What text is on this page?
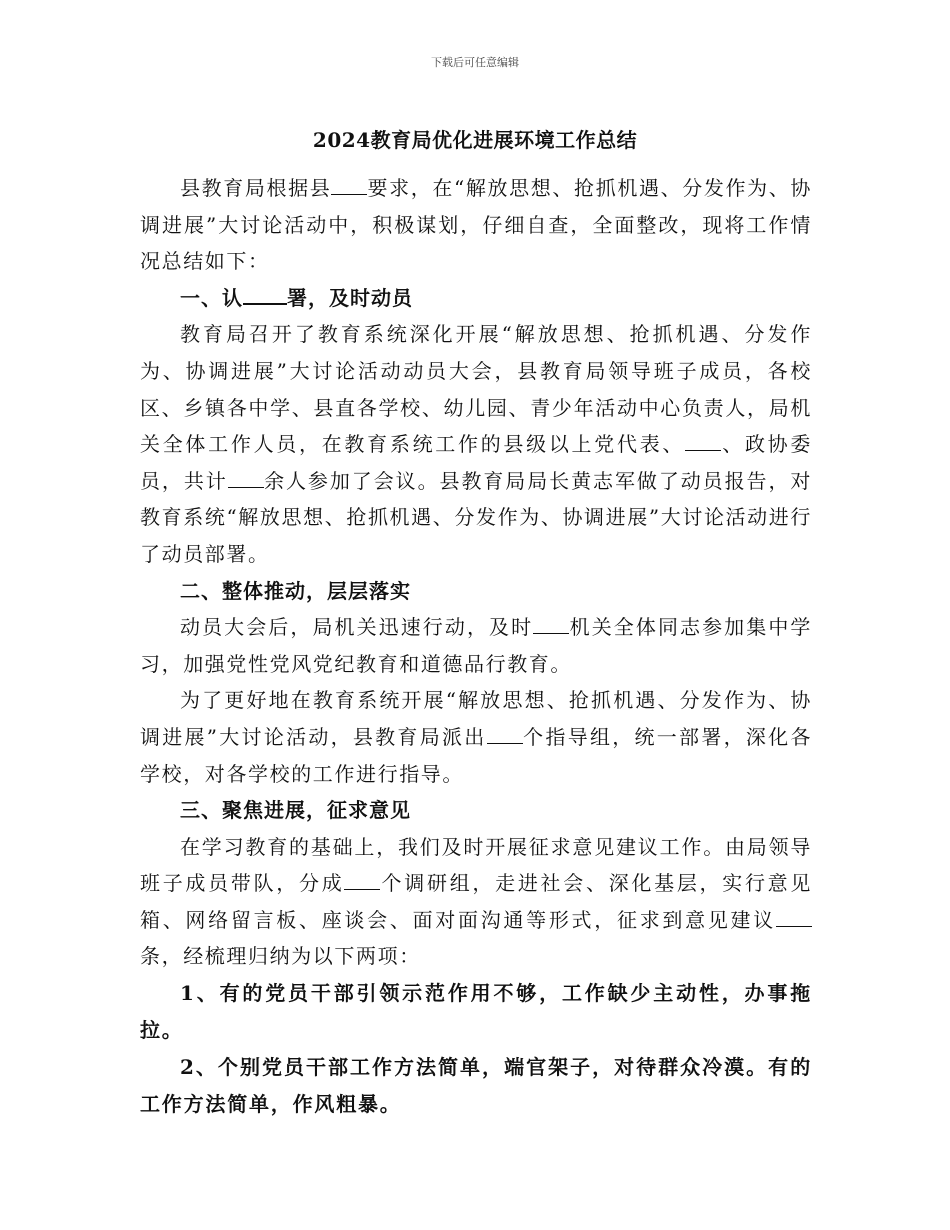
下载后可任意编辑
2024教育局优化进展环境工作总结

县教育局根据县 要求，在“解放思想、抢抓机遇、分发作为、协调进展”大讨论活动中，积极谋划，仔细自查，全面整改，现将工作情况总结如下：

一、认 署，及时动员

教育局召开了教育系统深化开展“解放思想、抢抓机遇、分发作为、协调进展”大讨论活动动员大会，县教育局领导班子成员，各校区、乡镇各中学、县直各学校、幼儿园、青少年活动中心负责人，局机关全体工作人员，在教育系统工作的县级以上党代表、 、政协委员，共计 余人参加了会议。县教育局局长黄志军做了动员报告，对教育系统“解放思想、抢抓机遇、分发作为、协调进展”大讨论活动进行了动员部署。

二、整体推动，层层落实

动员大会后，局机关迅速行动，及时 机关全体同志参加集中学习，加强党性党风党纪教育和道德品行教育。

为了更好地在教育系统开展“解放思想、抢抓机遇、分发作为、协调进展”大讨论活动，县教育局派出 个指导组，统一部署，深化各学校，对各学校的工作进行指导。

三、聚焦进展，征求意见

在学习教育的基础上，我们及时开展征求意见建议工作。由局领导班子成员带队，分成 个调研组，走进社会、深化基层，实行意见箱、网络留言板、座谈会、面对面沟通等形式，征求到意见建议条，经梳理归纳为以下两项：

1、有的党员干部引领示范作用不够，工作缺少主动性，办事拖拉。

2、个别党员干部工作方法简单，端官架子，对待群众冷漠。有的工作方法简单，作风粗暴。
